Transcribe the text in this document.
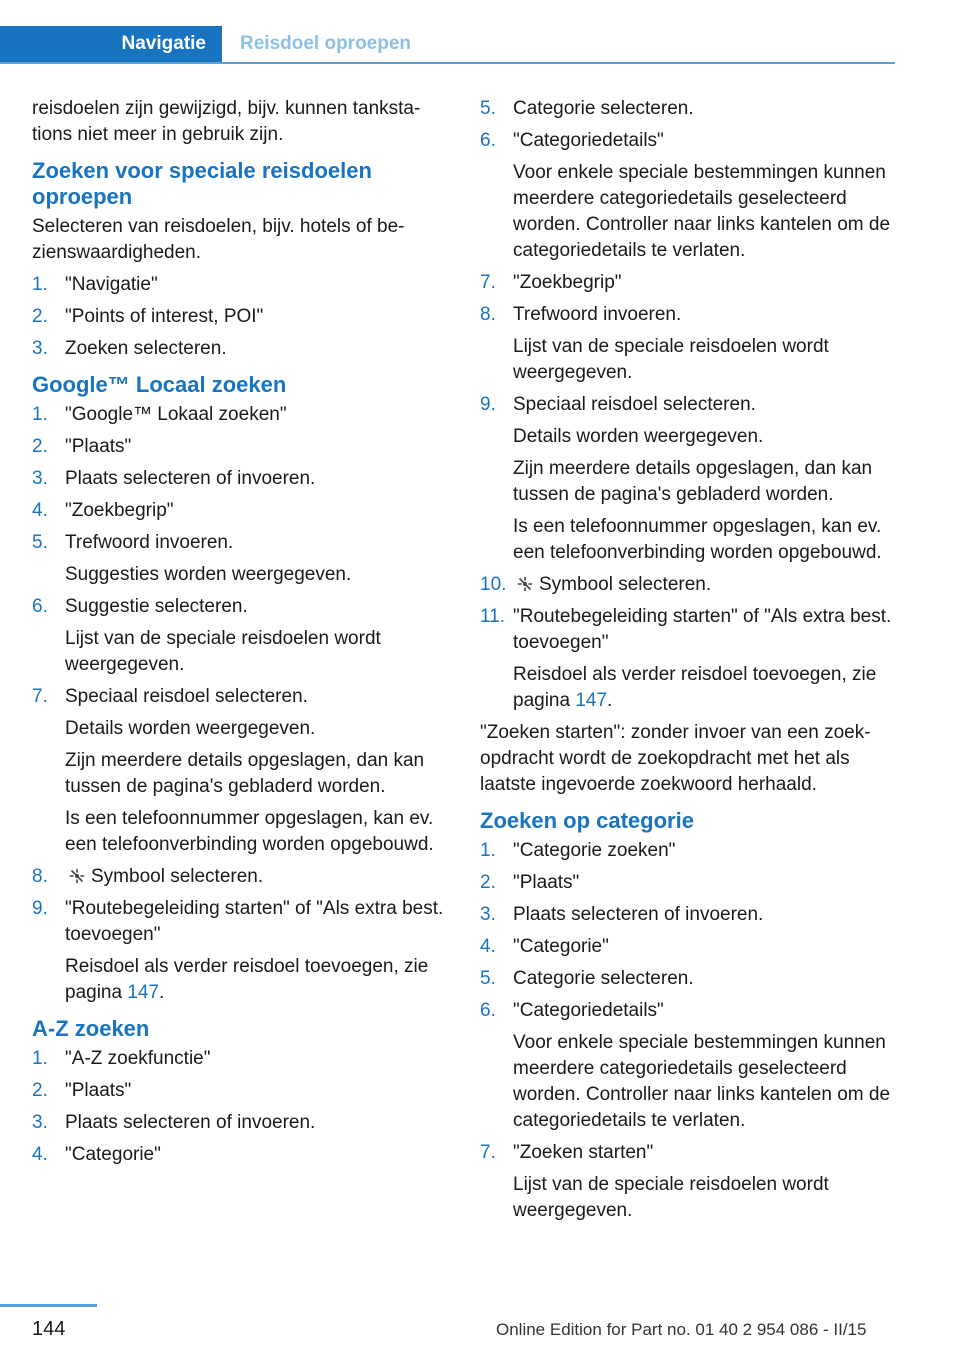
Navigatie Reisdoel oproepen

reisdoelen zijn gewijzigd, bijv. kunnen tankstations niet meer in gebruik zijn.

Zoeken voor speciale reisdoelen oproepen

Selecteren van reisdoelen, bijv. hotels of bezienswaardigheden.

1. "Navigatie"
2. "Points of interest, POI"
3. Zoeken selecteren.
Google™ Locaal zoeken
1. "Google™ Lokaal zoeken"
2. "Plaats"
3. Plaats selecteren of invoeren.
4. "Zoekbegrip"
5. Trefwoord invoeren.
Suggesties worden weergegeven.
6. Suggestie selecteren.
Lijst van de speciale reisdoelen wordt weergegeven.
7. Speciaal reisdoel selecteren.
Details worden weergegeven.
Zijn meerdere details opgeslagen, dan kan tussen de pagina's gebladerd worden.
Is een telefoonnummer opgeslagen, kan ev. een telefoonverbinding worden opgebouwd.
8.	Symbool selecteren.
9. "Routebegeleiding starten" of "Als extra best. toevoegen"
Reisdoel als verder reisdoel toevoegen, zie pagina 147.
A-Z zoeken
1. "A-Z zoekfunctie"
2. "Plaats"
3. Plaats selecteren of invoeren.
4. "Categorie"
5. Categorie selecteren.
6. "Categoriedetails"
Voor enkele speciale bestemmingen kunnen meerdere categoriedetails geselecteerd worden. Controller naar links kantelen om de categoriedetails te verlaten.
7. "Zoekbegrip"
8. Trefwoord invoeren.
Lijst van de speciale reisdoelen wordt weergegeven.
9. Speciaal reisdoel selecteren.
Details worden weergegeven.
Zijn meerdere details opgeslagen, dan kan tussen de pagina's gebladerd worden.
Is een telefoonnummer opgeslagen, kan ev. een telefoonverbinding worden opgebouwd.
10.	Symbool selecteren.
11. "Routebegeleiding starten" of "Als extra best. toevoegen"
Reisdoel als verder reisdoel toevoegen, zie pagina 147.

"Zoeken starten": zonder invoer van een zoekopdracht wordt de zoekopdracht met het als laatste ingevoerde zoekwoord herhaald.

Zoeken op categorie
1. "Categorie zoeken"
2. "Plaats"
3. Plaats selecteren of invoeren.
4. "Categorie"
5. Categorie selecteren.
6. "Categoriedetails"
Voor enkele speciale bestemmingen kunnen meerdere categoriedetails geselecteerd worden. Controller naar links kantelen om de categoriedetails te verlaten.
7. "Zoeken starten"
Lijst van de speciale reisdoelen wordt weergegeven.
144	Online Edition for Part no. 01 40 2 954 086 - II/15
